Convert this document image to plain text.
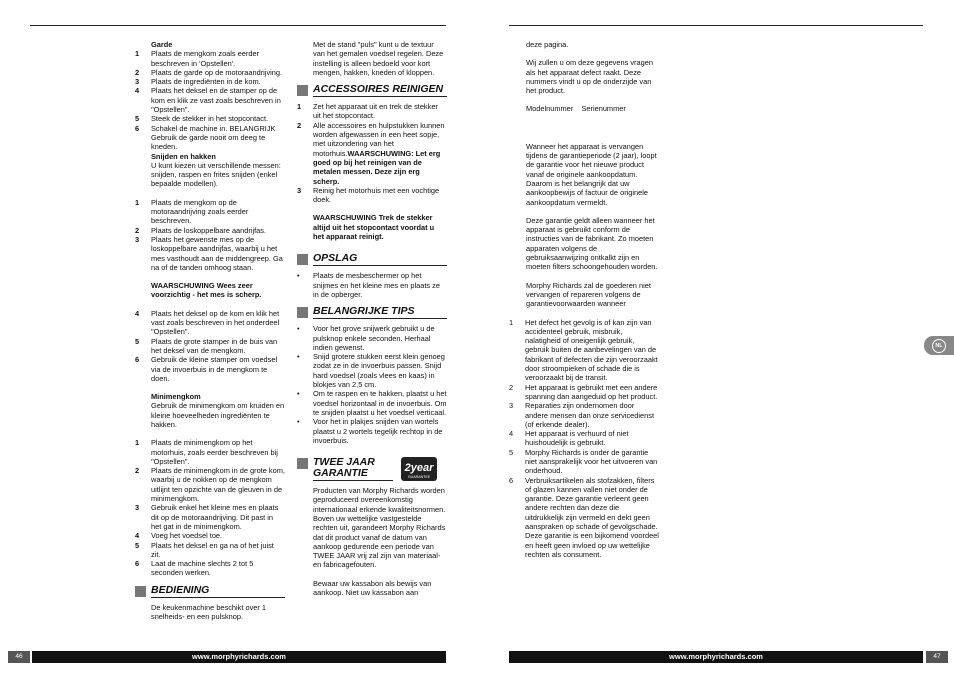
Garde
1	Plaats de mengkom zoals eerder beschreven in 'Opstellen'.
2	Plaats de garde op de motoraandrijving.
3	Plaats de ingrediënten in de kom.
4	Plaats het deksel en de stamper op de kom en klik ze vast zoals beschreven in "Opstellen".
5	Steek de stekker in het stopcontact.
6	Schakel de machine in. BELANGRIJK Gebruik de garde nooit om deeg te kneden.
Snijden en hakken
U kunt kiezen uit verschillende messen: snijden, raspen en frites snijden (enkel bepaalde modellen).
1	Plaats de mengkom op de motoraandrijving zoals eerder beschreven.
2	Plaats de loskoppelbare aandrijfas.
3	Plaats het gewenste mes op de loskoppelbare aandrijfas, waarbij u het mes vasthoudt aan de middengreep. Ga na of de tanden omhoog staan.
WAARSCHUWING Wees zeer voorzichtig - het mes is scherp.
4	Plaats het deksel op de kom en klik het vast zoals beschreven in het onderdeel "Opstellen".
5	Plaats de grote stamper in de buis van het deksel van de mengkom.
6	Gebruik de kleine stamper om voedsel via de invoerbuis in de mengkom te doen.
Minimengkom
Gebruik de minimengkom om kruiden en kleine hoeveelheden ingrediënten te hakken.
1	Plaats de minimengkom op het motorhuis, zoals eerder beschreven bij "Opstellen".
2	Plaats de minimengkom in de grote kom, waarbij u de nokken op de mengkom uitlijnt ten opzichte van de gleuven in de minimengkom.
3	Gebruik enkel het kleine mes en plaats dit op de motoraandrijving. Dit past in het gat in de minimengkom.
4	Voeg het voedsel toe.
5	Plaats het deksel en ga na of het juist zit.
6	Laat de machine slechts 2 tot 5 seconden werken.
BEDIENING
De keukenmachine beschikt over 1 snelheids- en een pulsknop.
Met de stand "puls" kunt u de textuur van het gemalen voedsel regelen. Deze instelling is alleen bedoeld voor kort mengen, hakken, kneden of kloppen.
ACCESSOIRES REINIGEN
1	Zet het apparaat uit en trek de stekker uit het stopcontact.
2	Alle accessoires en hulpstukken kunnen worden afgewassen in een heet sopje, met uitzondering van het motorhuis.WAARSCHUWING: Let erg goed op bij het reinigen van de metalen messen. Deze zijn erg scherp.
3	Reinig het motorhuis met een vochtige doek.
WAARSCHUWING Trek de stekker altijd uit het stopcontact voordat u het apparaat reinigt.
OPSLAG
•	Plaats de mesbeschermer op het snijmes en het kleine mes en plaats ze in de opberger.
BELANGRIJKE TIPS
•	Voor het grove snijwerk gebruikt u de pulsknop enkele seconden. Herhaal indien gewenst.
•	Snijd grotere stukken eerst klein genoeg zodat ze in de invoerbuis passen. Snijd hard voedsel (zoals vlees en kaas) in blokjes van 2,5 cm.
•	Om te raspen en te hakken, plaatst u het voedsel horizontaal in de invoerbuis. Om te snijden plaatst u het voedsel verticaal.
•	Voor het in plakjes snijden van wortels plaatst u 2 wortels tegelijk rechtop in de invoerbuis.
TWEE JAAR GARANTIE	2year
GUARANTEE
Producten van Morphy Richards worden geproduceerd overeenkomstig internationaal erkende kwaliteitsnormen. Boven uw wettelijke vastgestelde rechten uit, garandeert Morphy Richards dat dit product vanaf de datum van aankoop gedurende een periode van TWEE JAAR vrij zal zijn van materiaal- en fabricagefouten.
Bewaar uw kassabon als bewijs van aankoop. Niet uw kassabon aan
deze pagina.
Wij zullen u om deze gegevens vragen als het apparaat defect raakt. Deze nummers vindt u op de onderzijde van het product.
Modelnummer Serienummer
Wanneer het apparaat is vervangen tijdens de garantieperiode (2 jaar), loopt de garantie voor het nieuwe product vanaf de originele aankoopdatum. Daarom is het belangrijk dat uw aankoopbewijs of factuur de originele aankoopdatum vermeldt.
Deze garantie geldt alleen wanneer het apparaat is gebruikt conform de instructies van de fabrikant. Zo moeten apparaten volgens de gebruiksaanwijzing ontkalkt zijn en moeten filters schoongehouden worden.
Morphy Richards zal de goederen niet vervangen of repareren volgens de garantievoorwaarden wanneer
1	Het defect het gevolg is of kan zijn van accidenteel gebruik, misbruik, nalatigheid of oneigenlijk gebruik, gebruik buiten de aanbevelingen van de fabrikant of defecten die zijn veroorzaakt door stroompieken of schade die is veroorzaakt bij de transit.
2	Het apparaat is gebruikt met een andere spanning dan aangeduid op het product.
3	Reparaties zijn ondernomen door andere mensen dan onze servicedienst (of erkende dealer).
4	Het apparaat is verhuurd of niet huishoudelijk is gebruikt.
5	Morphy Richards is onder de garantie niet aansprakelijk voor het uitvoeren van onderhoud.
6	Verbruiksartikelen als stofzakken, filters of glazen kannen vallen niet onder de garantie. Deze garantie verleent geen andere rechten dan deze die uitdrukkelijk zijn vermeld en dekt geen aanspraken op schade of gevolgschade. Deze garantie is een bijkomend voordeel en heeft geen invloed op uw wettelijke rechten als consument.
NL
46	www.morphyrichards.com	www.morphyrichards.com	47
